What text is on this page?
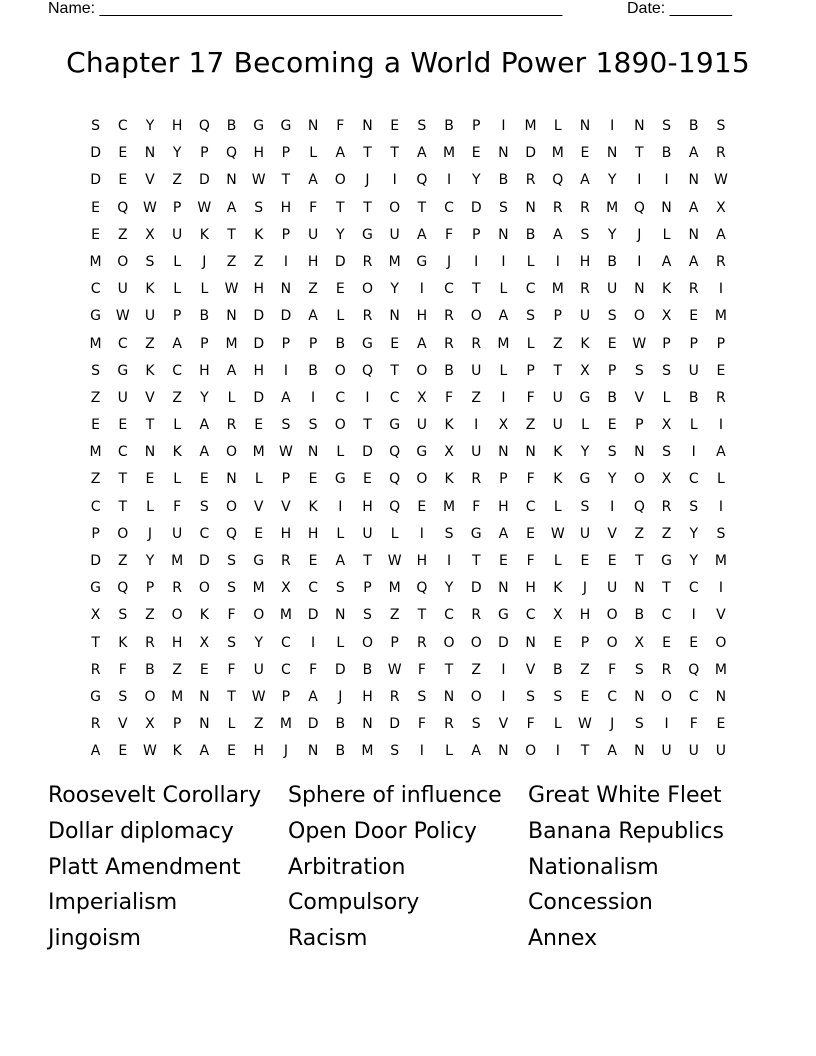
Name: ____________________________________________________	Date: _______
Chapter 17 Becoming a World Power 1890-1915
S	C	Y	H	Q	B	G	G	N	F	N	E	S	B	P	I	M	L	N	I	N	S	B	S
D	E	N	Y	P	Q	H	P	L	A	T	T	A	M	E	N	D	M	E	N	T	B	A	R
D	E	V	Z	D	N	W	T	A	O	J	I	Q	I	Y	B	R	Q	A	Y	I	I	N	W
E	Q	W	P	W	A	S	H	F	T	T	O	T	C	D	S	N	R	R	M	Q	N	A	X
E	Z	X	U	K	T	K	P	U	Y	G	U	A	F	P	N	B	A	S	Y	J	L	N	A
M	O	S	L	J	Z	Z	I	H	D	R	M	G	J	I	I	L	I	H	B	I	A	A	R
C	U	K	L	L	W	H	N	Z	E	O	Y	I	C	T	L	C	M	R	U	N	K	R	I
G	W	U	P	B	N	D	D	A	L	R	N	H	R	O	A	S	P	U	S	O	X	E	M
M	C	Z	A	P	M	D	P	P	B	G	E	A	R	R	M	L	Z	K	E	W	P	P	P
S	G	K	C	H	A	H	I	B	O	Q	T	O	B	U	L	P	T	X	P	S	S	U	E
Z	U	V	Z	Y	L	D	A	I	C	I	C	X	F	Z	I	F	U	G	B	V	L	B	R
E	E	T	L	A	R	E	S	S	O	T	G	U	K	I	X	Z	U	L	E	P	X	L	I
M	C	N	K	A	O	M	W	N	L	D	Q	G	X	U	N	N	K	Y	S	N	S	I	A
Z	T	E	L	E	N	L	P	E	G	E	Q	O	K	R	P	F	K	G	Y	O	X	C	L
C	T	L	F	S	O	V	V	K	I	H	Q	E	M	F	H	C	L	S	I	Q	R	S	I
P	O	J	U	C	Q	E	H	H	L	U	L	I	S	G	A	E	W	U	V	Z	Z	Y	S
D	Z	Y	M	D	S	G	R	E	A	T	W	H	I	T	E	F	L	E	E	T	G	Y	M
G	Q	P	R	O	S	M	X	C	S	P	M	Q	Y	D	N	H	K	J	U	N	T	C	I
X	S	Z	O	K	F	O	M	D	N	S	Z	T	C	R	G	C	X	H	O	B	C	I	V
T	K	R	H	X	S	Y	C	I	L	O	P	R	O	O	D	N	E	P	O	X	E	E	O
R	F	B	Z	E	F	U	C	F	D	B	W	F	T	Z	I	V	B	Z	F	S	R	Q	M
G	S	O	M	N	T	W	P	A	J	H	R	S	N	O	I	S	S	E	C	N	O	C	N
R	V	X	P	N	L	Z	M	D	B	N	D	F	R	S	V	F	L	W	J	S	I	F	E
A	E	W	K	A	E	H	J	N	B	M	S	I	L	A	N	O	I	T	A	N	U	U	U
Roosevelt Corollary	Sphere of influence	Great White Fleet
Dollar diplomacy	Open Door Policy	Banana Republics
Platt Amendment	Arbitration	Nationalism
Imperialism	Compulsory	Concession
Jingoism	Racism	Annex
